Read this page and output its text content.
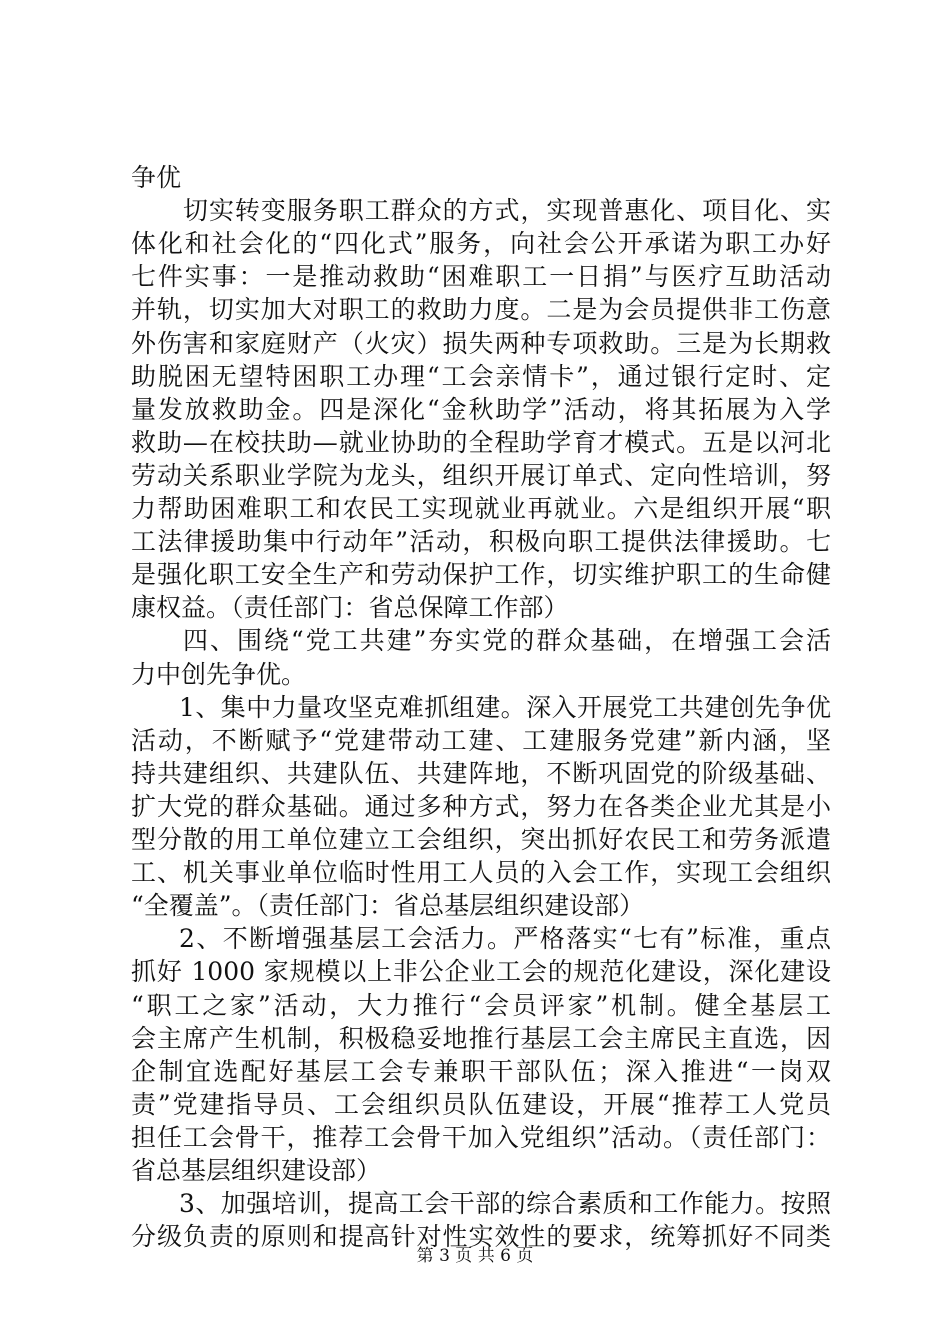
争优
切实转变服务职工群众的方式，实现普惠化、项目化、实
体化和社会化的“四化式”服务，向社会公开承诺为职工办好
七件实事：一是推动救助“困难职工一日捐”与医疗互助活动
并轨，切实加大对职工的救助力度。二是为会员提供非工伤意
外伤害和家庭财产（火灾）损失两种专项救助。三是为长期救
助脱困无望特困职工办理“工会亲情卡”，通过银行定时、定
量发放救助金。四是深化“金秋助学”活动，将其拓展为入学
救助—在校扶助—就业协助的全程助学育才模式。五是以河北
劳动关系职业学院为龙头，组织开展订单式、定向性培训，努
力帮助困难职工和农民工实现就业再就业。六是组织开展“职
工法律援助集中行动年”活动，积极向职工提供法律援助。七
是强化职工安全生产和劳动保护工作，切实维护职工的生命健
康权益。（责任部门：省总保障工作部）
四、围绕“党工共建”夯实党的群众基础，在增强工会活
力中创先争优。
1、集中力量攻坚克难抓组建。深入开展党工共建创先争优
活动，不断赋予“党建带动工建、工建服务党建”新内涵，坚
持共建组织、共建队伍、共建阵地，不断巩固党的阶级基础、
扩大党的群众基础。通过多种方式，努力在各类企业尤其是小
型分散的用工单位建立工会组织，突出抓好农民工和劳务派遣
工、机关事业单位临时性用工人员的入会工作，实现工会组织
“全覆盖”。（责任部门：省总基层组织建设部）
2、不断增强基层工会活力。严格落实“七有”标准，重点
抓好 1000 家规模以上非公企业工会的规范化建设，深化建设
“职工之家”活动，大力推行“会员评家”机制。健全基层工
会主席产生机制，积极稳妥地推行基层工会主席民主直选，因
企制宜选配好基层工会专兼职干部队伍；深入推进“一岗双
责”党建指导员、工会组织员队伍建设，开展“推荐工人党员
担任工会骨干，推荐工会骨干加入党组织”活动。（责任部门：
省总基层组织建设部）
3、加强培训，提高工会干部的综合素质和工作能力。按照
分级负责的原则和提高针对性实效性的要求，统筹抓好不同类
第 3 页 共 6 页
